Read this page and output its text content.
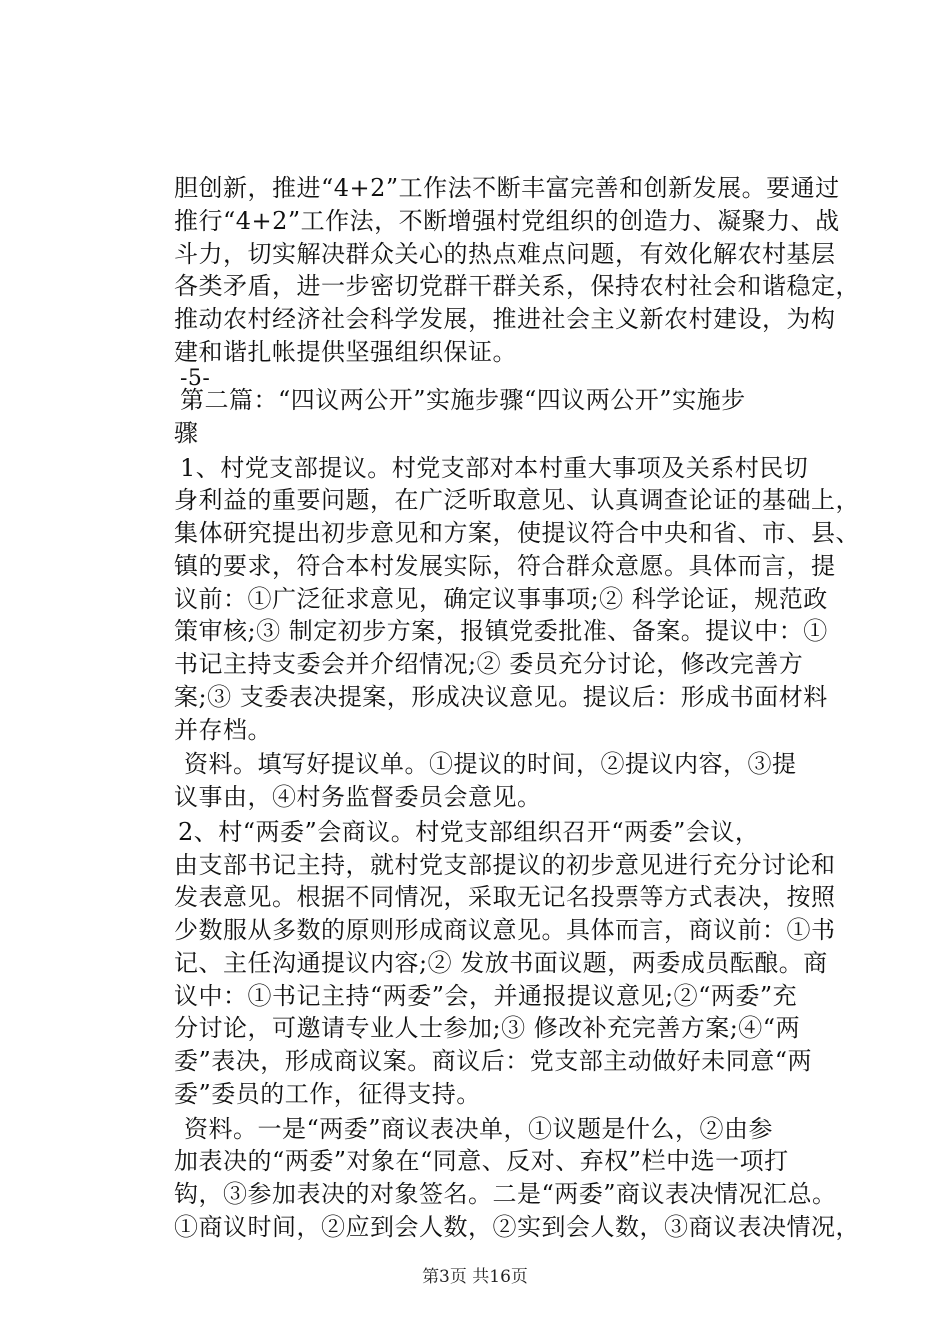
胆创新，推进“4+2”工作法不断丰富完善和创新发展。要通过
推行“4+2”工作法，不断增强村党组织的创造力、凝聚力、战
斗力，切实解决群众关心的热点难点问题，有效化解农村基层
各类矛盾，进一步密切党群干群关系，保持农村社会和谐稳定，
推动农村经济社会科学发展，推进社会主义新农村建设，为构
建和谐扎帐提供坚强组织保证。
-5-
第二篇：“四议两公开”实施步骤“四议两公开”实施步
骤
1、村党支部提议。村党支部对本村重大事项及关系村民切
身利益的重要问题，在广泛听取意见、认真调查论证的基础上，
集体研究提出初步意见和方案，使提议符合中央和省、市、县、
镇的要求，符合本村发展实际，符合群众意愿。具体而言，提
议前：①广泛征求意见，确定议事事项;② 科学论证，规范政
策审核;③ 制定初步方案，报镇党委批准、备案。提议中：①
书记主持支委会并介绍情况;② 委员充分讨论，修改完善方
案;③ 支委表决提案，形成决议意见。提议后：形成书面材料
并存档。
资料。填写好提议单。①提议的时间，②提议内容，③提
议事由，④村务监督委员会意见。
2、村“两委”会商议。村党支部组织召开“两委”会议，
由支部书记主持，就村党支部提议的初步意见进行充分讨论和
发表意见。根据不同情况，采取无记名投票等方式表决，按照
少数服从多数的原则形成商议意见。具体而言，商议前：①书
记、主任沟通提议内容;② 发放书面议题，两委成员酝酿。商
议中：①书记主持“两委”会，并通报提议意见;②“两委”充
分讨论，可邀请专业人士参加;③ 修改补充完善方案;④“两
委”表决，形成商议案。商议后：党支部主动做好未同意“两
委”委员的工作，征得支持。
资料。一是“两委”商议表决单，①议题是什么，②由参
第3页 共16页
加表决的“两委”对象在“同意、反对、弃权”栏中选一项打
钩，③参加表决的对象签名。二是“两委”商议表决情况汇总。
①商议时间，②应到会人数，②实到会人数，③商议表决情况，
